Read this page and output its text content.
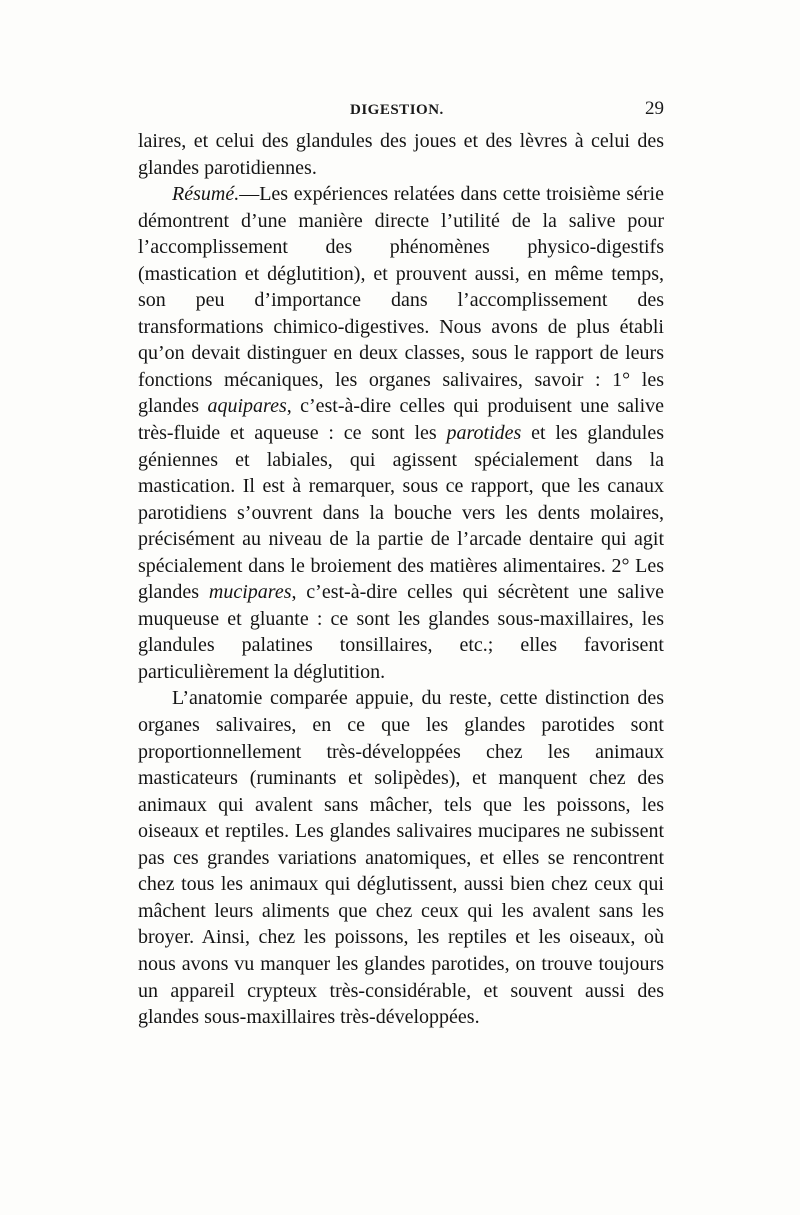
DIGESTION.	29

laires, et celui des glandules des joues et des lèvres à celui des glandes parotidiennes.

Résumé.—Les expériences relatées dans cette troisième série démontrent d’une manière directe l’utilité de la salive pour l’accomplissement des phénomènes physico-digestifs (mastication et déglutition), et prouvent aussi, en même temps, son peu d’importance dans l’accomplissement des transformations chimico-digestives. Nous avons de plus établi qu’on devait distinguer en deux classes, sous le rapport de leurs fonctions mécaniques, les organes salivaires, savoir : 1° les glandes aquipares, c’est-à-dire celles qui produisent une salive très-fluide et aqueuse : ce sont les parotides et les glandules géniennes et labiales, qui agissent spécialement dans la mastication. Il est à remarquer, sous ce rapport, que les canaux parotidiens s’ouvrent dans la bouche vers les dents molaires, précisément au niveau de la partie de l’arcade dentaire qui agit spécialement dans le broiement des matières alimentaires. 2° Les glandes mucipares, c’est-à-dire celles qui sécrètent une salive muqueuse et gluante : ce sont les glandes sous-maxillaires, les glandules palatines tonsillaires, etc.; elles favorisent particulièrement la déglutition.

L’anatomie comparée appuie, du reste, cette distinction des organes salivaires, en ce que les glandes parotides sont proportionnellement très-développées chez les animaux masticateurs (ruminants et solipèdes), et manquent chez des animaux qui avalent sans mâcher, tels que les poissons, les oiseaux et reptiles. Les glandes salivaires mucipares ne subissent pas ces grandes variations anatomiques, et elles se rencontrent chez tous les animaux qui déglutissent, aussi bien chez ceux qui mâchent leurs aliments que chez ceux qui les avalent sans les broyer. Ainsi, chez les poissons, les reptiles et les oiseaux, où nous avons vu manquer les glandes parotides, on trouve toujours un appareil crypteux très-considérable, et souvent aussi des glandes sous-maxillaires très-développées.
